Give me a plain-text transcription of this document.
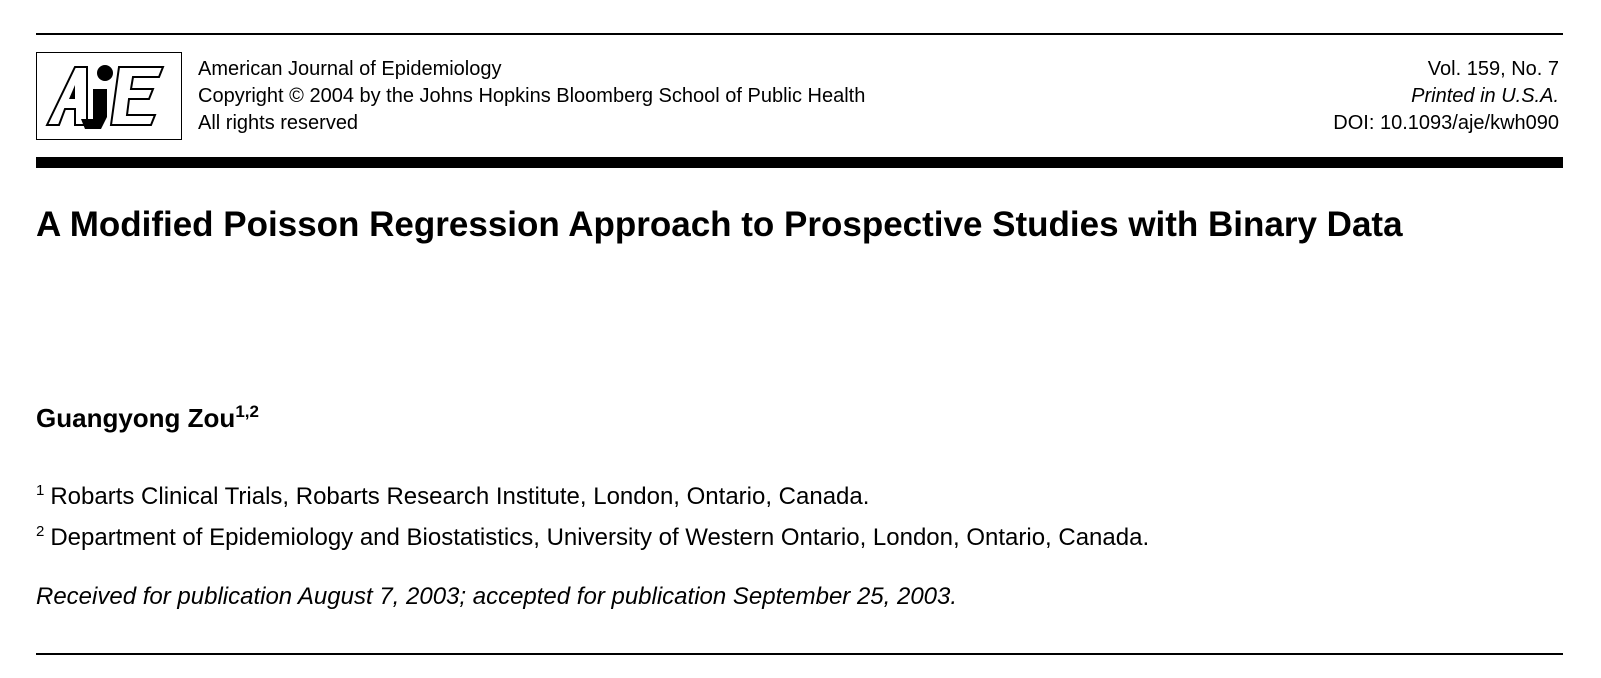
American Journal of Epidemiology
Copyright © 2004 by the Johns Hopkins Bloomberg School of Public Health
All rights reserved
Vol. 159, No. 7
Printed in U.S.A.
DOI: 10.1093/aje/kwh090
A Modified Poisson Regression Approach to Prospective Studies with Binary Data
Guangyong Zou$^{1,2}$
$^1$ Robarts Clinical Trials, Robarts Research Institute, London, Ontario, Canada.
$^2$ Department of Epidemiology and Biostatistics, University of Western Ontario, London, Ontario, Canada.
Received for publication August 7, 2003; accepted for publication September 25, 2003.
